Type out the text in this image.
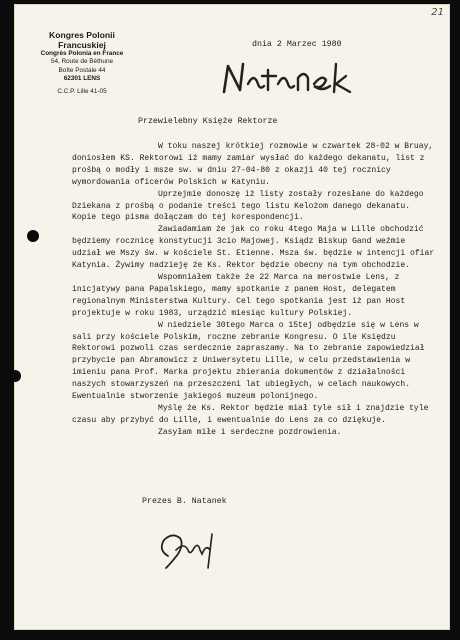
21
Kongres Polonii Francuskiej
Congrès Polonia en France
54, Route de Béthune
Boîte Postale 44
62301 LENS
C.C.P. Lille 41-05
dnia 2 Marzec 1980
Przewielebny Księże Rektorze

W toku naszej krótkiej rozmowie w czwartek 28-02 w Bruay, doniosłem KS. Rektorowi iż mamy zamiar wysłać do każdego dekanatu, list z prośbą o modły i msze sw. w dniu 27-04-80 z okazji 40 tej rocznicy wymordowania oficerów Polskich w Katyniu.

Uprzejmie donoszę iż listy zostały rozesłane do każdego Dziekana z prośbą o podanie treści tego listu Kelożom danego dekanatu. Kopie tego pisma dołączam do tej korespondencji.

Zawiadamiam że jak co roku 4tego Maja w Lille obchodzić będziemy rocznicę konstytucji 3cio Majowej. Ksiądz Biskup Gand weźmie udział we Mszy św. w kościele St. Etienne. Msza św. będzie w intencji ofiar Katynia. Żywimy nadzieję że Ks. Rektor będzie obecny na tym obchodzie.

Wspomniałem także że 22 Marca na merostwie Lens, z inicjatywy pana Papalskiego, mamy spotkanie z panem Host, delegatem regionalnym Ministerstwa Kultury. Cel tego spotkania jest iż pan Host projektuje w roku 1983, urządzić miesiąc kultury Polskiej.

W niedziele 30tego Marca o 15tej odbędzie się w Lens w sali przy kościele Polskim, roczne zebranie Kongresu. O ile Księdzu Rektorowi pozwoli czas serdecznie zapraszamy. Na to zebranie zapowiedział przybycie pan Abramowicz z Uniwersytetu Lille, w celu przedstawienia w imieniu pana Prof. Marka projektu zbierania dokumentów z działalności naszych stowarzyszeń na przeszczeni lat ubiegłych, w celach naukowych. Ewentualnie stworzenie jakiegoś muzeum polonijnego.

Myślę że Ks. Rektor będzie miał tyle sił i znajdzie tyle czasu aby przybyć do Lille, i ewentualnie do Lens za co dziękuje.

Zasyłam miłe i serdeczne pozdrowienia.

Prezes B. Natanek
